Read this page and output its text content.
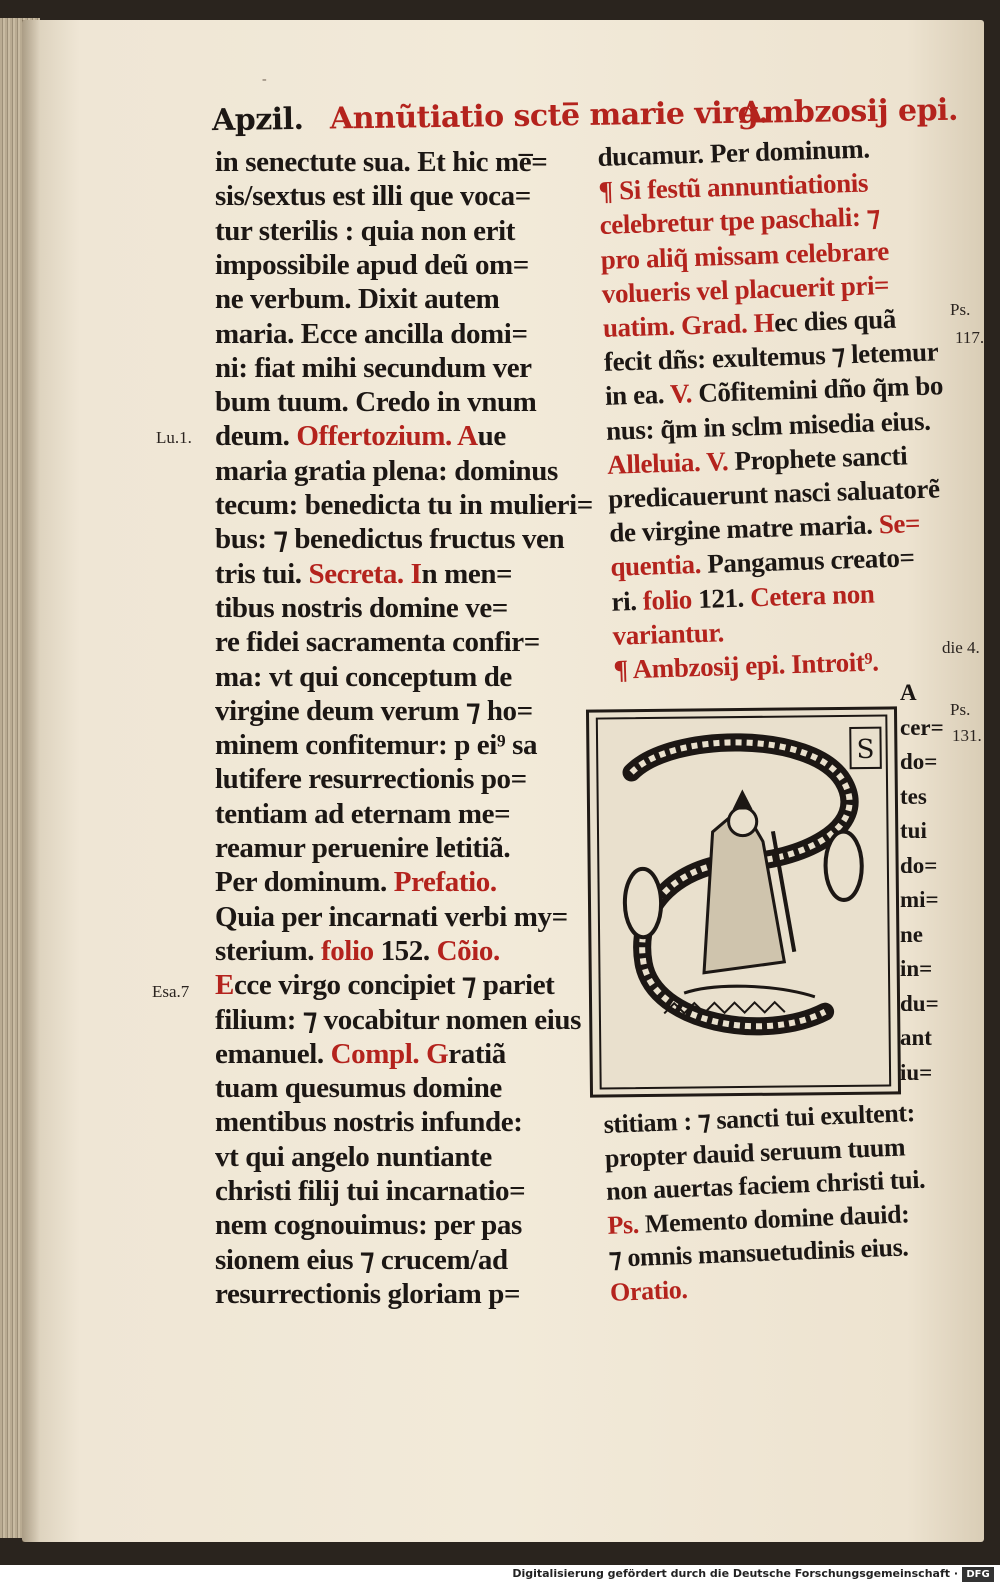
Apzil. Annũtiatio scte̅ marie virg.
Ambzosij epi.
in senectute sua. Et hic me̅=
sis/sextus est illi que voca=
tur sterilis : quia non erit
impossibile apud deũ om=
ne verbum. Dixit autem
maria. Ecce ancilla domi=
ni: fiat mihi secundum ver
bum tuum. Credo in vnum
deum. Offertozium. Aue
maria gratia plena: dominus
tecum: benedicta tu in mulieri=
bus: ⁊ benedictus fructus ven
tris tui. Secreta. In men=
tibus nostris domine ve=
re fidei sacramenta confir=
ma: vt qui conceptum de
virgine deum verum ⁊ ho=
minem confitemur: p ei⁹ sa
lutifere resurrectionis po=
tentiam ad eternam me=
reamur peruenire letitiã.
Per dominum. Prefatio.
Quia per incarnati verbi my=
sterium. folio 152. Cõio.
Ecce virgo concipiet ⁊ pariet
filium: ⁊ vocabitur nomen eius
emanuel. Compl. Gratiã
tuam quesumus domine
mentibus nostris infunde:
vt qui angelo nuntiante
christi filij tui incarnatio=
nem cognouimus: per pas
sionem eius ⁊ crucem/ad
resurrectionis gloriam p=
ducamur. Per dominum.
¶ Si festũ annuntiationis
celebretur tpe paschali: ⁊
pro aliq̃ missam celebrare
volueris vel placuerit pri=
uatim. Grad. Hec dies quã
fecit dñs: exultemus ⁊ letemur
in ea. V. Cõfitemini dño q̃m bo
nus: q̃m in sclm misedia eius.
Alleluia. V. Prophete sancti
predicauerunt nasci saluatorẽ
de virgine matre maria. Se=
quentia. Pangamus creato=
ri. folio 121. Cetera non
variantur.
¶ Ambzosij epi. Introit⁹.
stitiam : ⁊ sancti tui exultent:
propter dauid seruum tuum
non auertas faciem christi tui.
Ps. Memento domine dauid:
⁊ omnis mansuetudinis eius.
Oratio.
Lu.1.
Esa.7
Ps.
117.
die 4.
Ps.
131.
S
A
cer=
do=
tes
tui
do=
mi=
ne
in=
du=
ant
iu=
-
Digitalisierung gefördert durch die Deutsche Forschungsgemeinschaft · DFG
